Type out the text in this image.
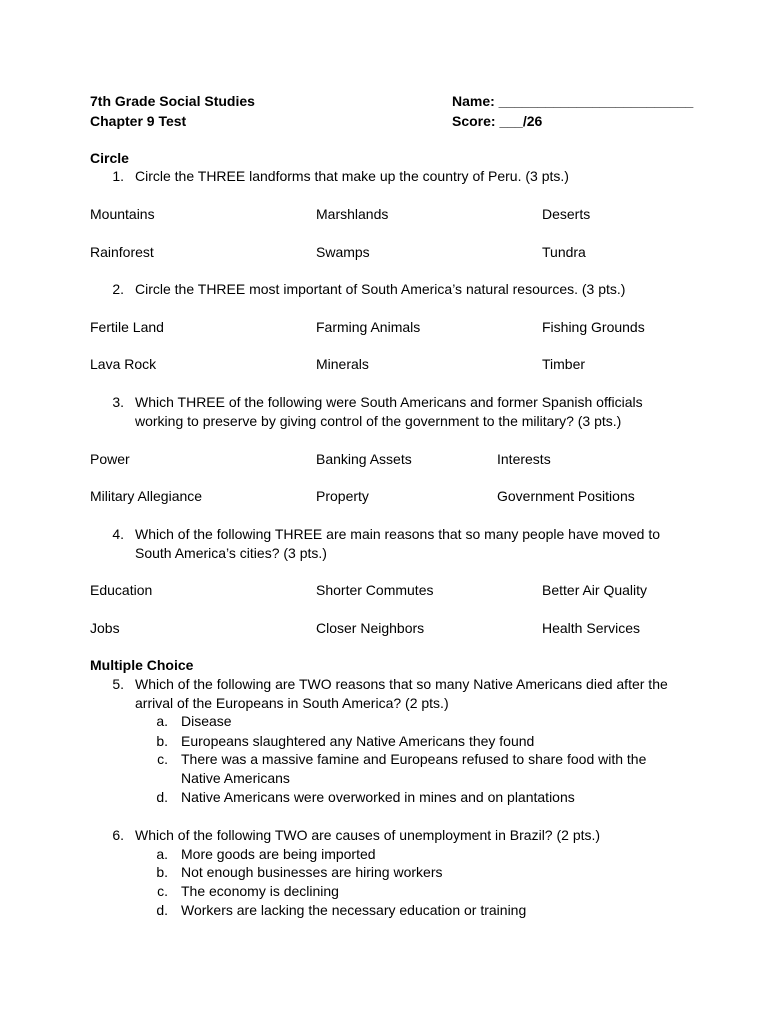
7th Grade Social Studies
Chapter 9 Test
Name: _________________________
Score: ___/26
Circle
1. Circle the THREE landforms that make up the country of Peru. (3 pts.)
Mountains	Marshlands	Deserts
Rainforest	Swamps	Tundra
2. Circle the THREE most important of South America’s natural resources. (3 pts.)
Fertile Land	Farming Animals	Fishing Grounds
Lava Rock	Minerals	Timber
3. Which THREE of the following were South Americans and former Spanish officials
working to preserve by giving control of the government to the military? (3 pts.)
Power	Banking Assets	Interests
Military Allegiance	Property	Government Positions
4. Which of the following THREE are main reasons that so many people have moved to
South America’s cities? (3 pts.)
Education	Shorter Commutes	Better Air Quality
Jobs	Closer Neighbors	Health Services
Multiple Choice
5. Which of the following are TWO reasons that so many Native Americans died after the
arrival of the Europeans in South America? (2 pts.)
a. Disease
b. Europeans slaughtered any Native Americans they found
c. There was a massive famine and Europeans refused to share food with the
Native Americans
d. Native Americans were overworked in mines and on plantations
6. Which of the following TWO are causes of unemployment in Brazil? (2 pts.)
a. More goods are being imported
b. Not enough businesses are hiring workers
c. The economy is declining
d. Workers are lacking the necessary education or training
